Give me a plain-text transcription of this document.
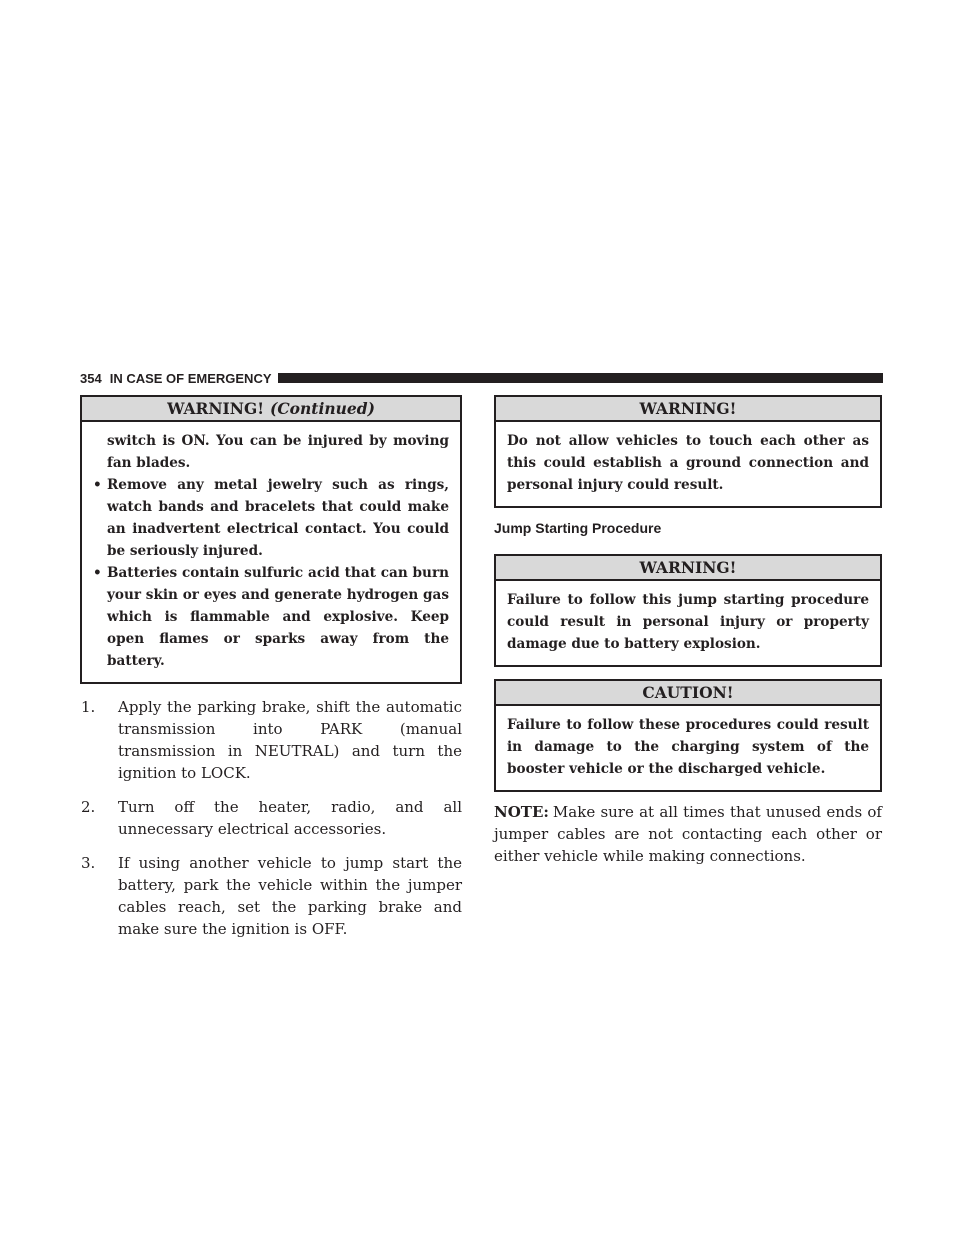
354 IN CASE OF EMERGENCY
WARNING! (Continued)
switch is ON. You can be injured by moving fan blades.
• Remove any metal jewelry such as rings, watch bands and bracelets that could make an inadvertent electrical contact. You could be seriously injured.
• Batteries contain sulfuric acid that can burn your skin or eyes and generate hydrogen gas which is flammable and explosive. Keep open flames or sparks away from the battery.
1. Apply the parking brake, shift the automatic transmission into PARK (manual transmission in NEUTRAL) and turn the ignition to LOCK.
2. Turn off the heater, radio, and all unnecessary electrical accessories.
3. If using another vehicle to jump start the battery, park the vehicle within the jumper cables reach, set the parking brake and make sure the ignition is OFF.
WARNING!
Do not allow vehicles to touch each other as this could establish a ground connection and personal injury could result.
Jump Starting Procedure
WARNING!
Failure to follow this jump starting procedure could result in personal injury or property damage due to battery explosion.
CAUTION!
Failure to follow these procedures could result in damage to the charging system of the booster vehicle or the discharged vehicle.
NOTE: Make sure at all times that unused ends of jumper cables are not contacting each other or either vehicle while making connections.
